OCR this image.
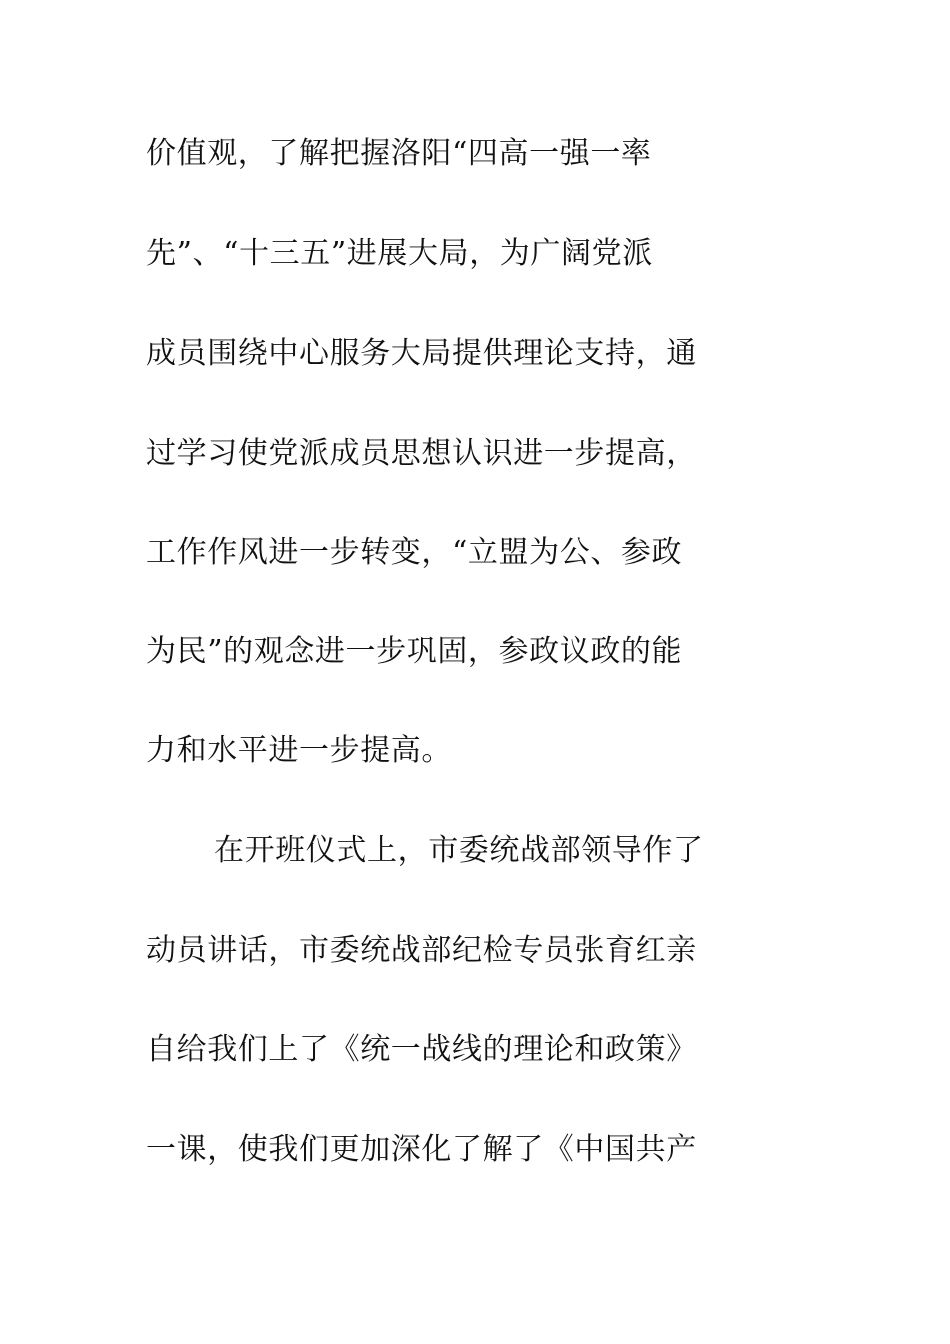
价值观，了解把握洛阳“四高一强一率
先”、“十三五”进展大局，为广阔党派
成员围绕中心服务大局提供理论支持，通
过学习使党派成员思想认识进一步提高，
工作作风进一步转变，“立盟为公、参政
为民”的观念进一步巩固，参政议政的能
力和水平进一步提高。
在开班仪式上，市委统战部领导作了
动员讲话，市委统战部纪检专员张育红亲
自给我们上了《统一战线的理论和政策》
一课，使我们更加深化了解了《中国共产
